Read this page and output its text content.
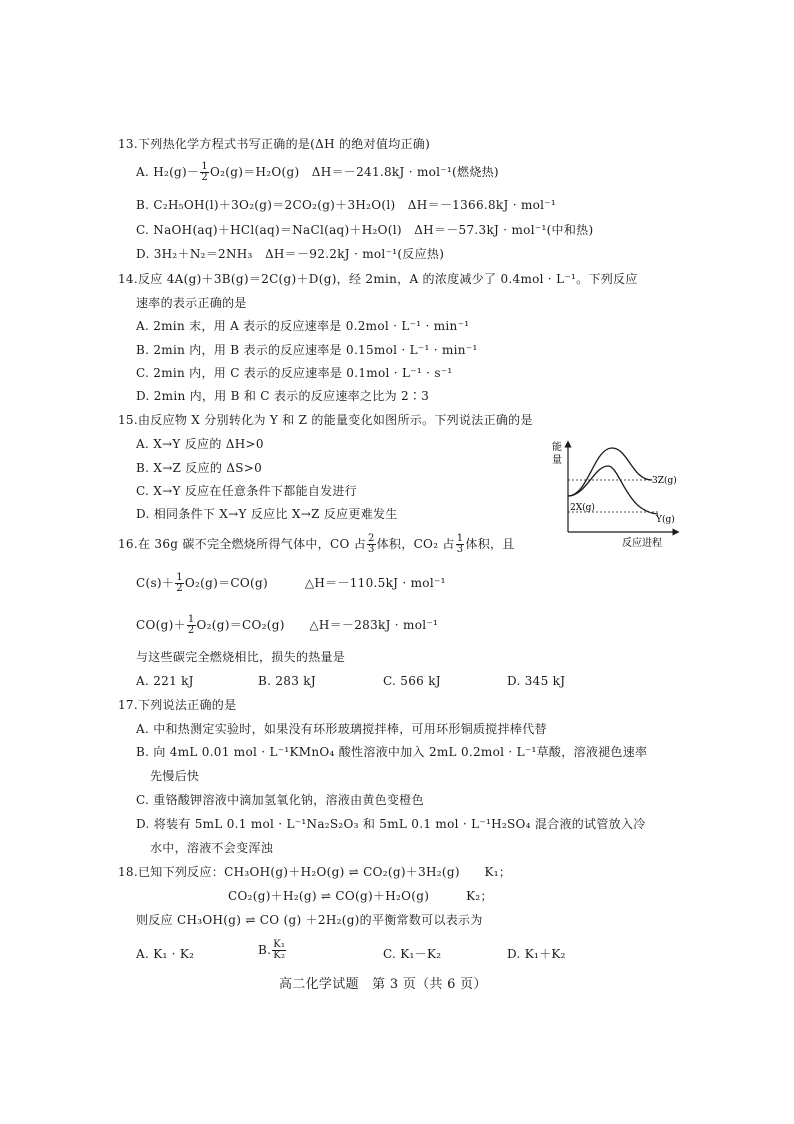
13.下列热化学方程式书写正确的是(ΔH 的绝对值均正确)
A. $H_2(g)- \frac{1}{2} O_2(g)=H_2O(g)$　ΔH＝－241.8kJ · mol⁻¹(燃烧热)
B. C₂H₅OH(l)＋3O₂(g)＝2CO₂(g)＋3H₂O(l)　ΔH＝－1366.8kJ · mol⁻¹
C. NaOH(aq)＋HCl(aq)＝NaCl(aq)＋H₂O(l)　ΔH＝－57.3kJ · mol⁻¹(中和热)
D. 3H₂＋N₂＝2NH₃　ΔH＝－92.2kJ · mol⁻¹(反应热)
14.反应 4A(g)＋3B(g)＝2C(g)＋D(g)，经 2min，A 的浓度减少了 0.4mol · L⁻¹。下列反应
速率的表示正确的是
A. 2min 末，用 A 表示的反应速率是 0.2mol · L⁻¹ · min⁻¹
B. 2min 内，用 B 表示的反应速率是 0.15mol · L⁻¹ · min⁻¹
C. 2min 内，用 C 表示的反应速率是 0.1mol · L⁻¹ · s⁻¹
D. 2min 内，用 B 和 C 表示的反应速率之比为 2∶3
15.由反应物 X 分别转化为 Y 和 Z 的能量变化如图所示。下列说法正确的是
A. X→Y 反应的 ΔH>0
B. X→Z 反应的 ΔS>0
C. X→Y 反应在任意条件下都能自发进行
D. 相同条件下 X→Y 反应比 X→Z 反应更难发生
能 量
3Z(g)
2X(g)
Y(g)
反应进程
16.在 36g 碳不完全燃烧所得气体中，CO 占 $\frac{2}{3}$ 体积，CO₂ 占 $\frac{1}{3}$ 体积，且
$C(s)+ \frac{1}{2} O_2(g)=CO(g)$　　　△H＝－110.5kJ · mol⁻¹
$CO(g)+ \frac{1}{2} O_2(g)=CO_2(g)$　　△H＝－283kJ · mol⁻¹
与这些碳完全燃烧相比，损失的热量是
A. 221 kJ	B. 283 kJ	C. 566 kJ	D. 345 kJ
17.下列说法正确的是
A. 中和热测定实验时，如果没有环形玻璃搅拌棒，可用环形铜质搅拌棒代替
B. 向 4mL 0.01 mol · L⁻¹KMnO₄ 酸性溶液中加入 2mL 0.2mol · L⁻¹草酸，溶液褪色速率
先慢后快
C. 重铬酸钾溶液中滴加氢氧化钠，溶液由黄色变橙色
D. 将装有 5mL 0.1 mol · L⁻¹Na₂S₂O₃ 和 5mL 0.1 mol · L⁻¹H₂SO₄ 混合液的试管放入冷
水中，溶液不会变浑浊
18.已知下列反应：CH₃OH(g)＋H₂O(g) ⇌ CO₂(g)＋3H₂(g)　　K₁；
CO₂(g)＋H₂(g) ⇌ CO(g)＋H₂O(g)　　　K₂；
则反应 CH₃OH(g) ⇌ CO (g) ＋2H₂(g)的平衡常数可以表示为
A. K₁ · K₂	B. $\frac{\text{K₁}}{\text{K₂}}$	C. K₁－K₂	D. K₁＋K₂
高二化学试题　第 3 页（共 6 页）
